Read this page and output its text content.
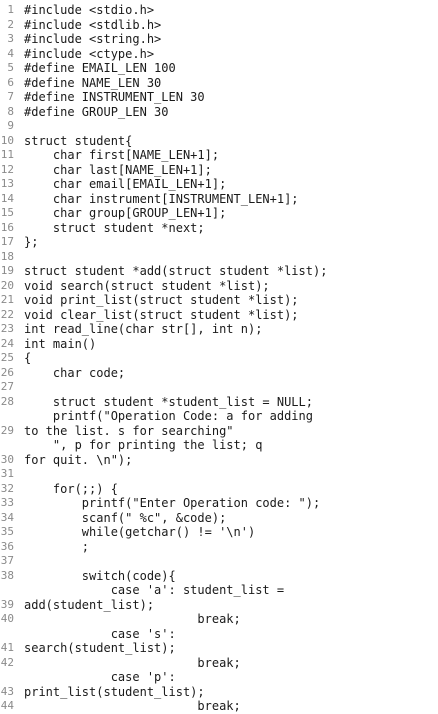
1 #include <stdio.h>
2 #include <stdlib.h>
3 #include <string.h>
4 #include <ctype.h>
5 #define EMAIL_LEN 100
6 #define NAME_LEN 30
7 #define INSTRUMENT_LEN 30
8 #define GROUP_LEN 30
9
10 struct student{
11 char first[NAME_LEN+1];
12 char last[NAME_LEN+1];
13 char email[EMAIL_LEN+1];
14 char instrument[INSTRUMENT_LEN+1];
15 char group[GROUP_LEN+1];
16 struct student *next;
17 };
18
19 struct student *add(struct student *list);
20 void search(struct student *list);
21 void print_list(struct student *list);
22 void clear_list(struct student *list);
23 int read_line(char str[], int n);
24 int main()
25 {
26 char code;
27
28 struct student *student_list = NULL;
printf("Operation Code: a for adding
29 to the list. s for searching"
", p for printing the list; q
30 for quit. \n");
31
32 for(;;) {
33 printf("Enter Operation code: ");
34 scanf(" %c", &code);
35 while(getchar() != '\n')
36 ;
37
38 switch(code){
case 'a': student_list =
39 add(student_list);
40 break;
case 's':
41 search(student_list);
42 break;
case 'p':
43 print_list(student_list);
44 break;
